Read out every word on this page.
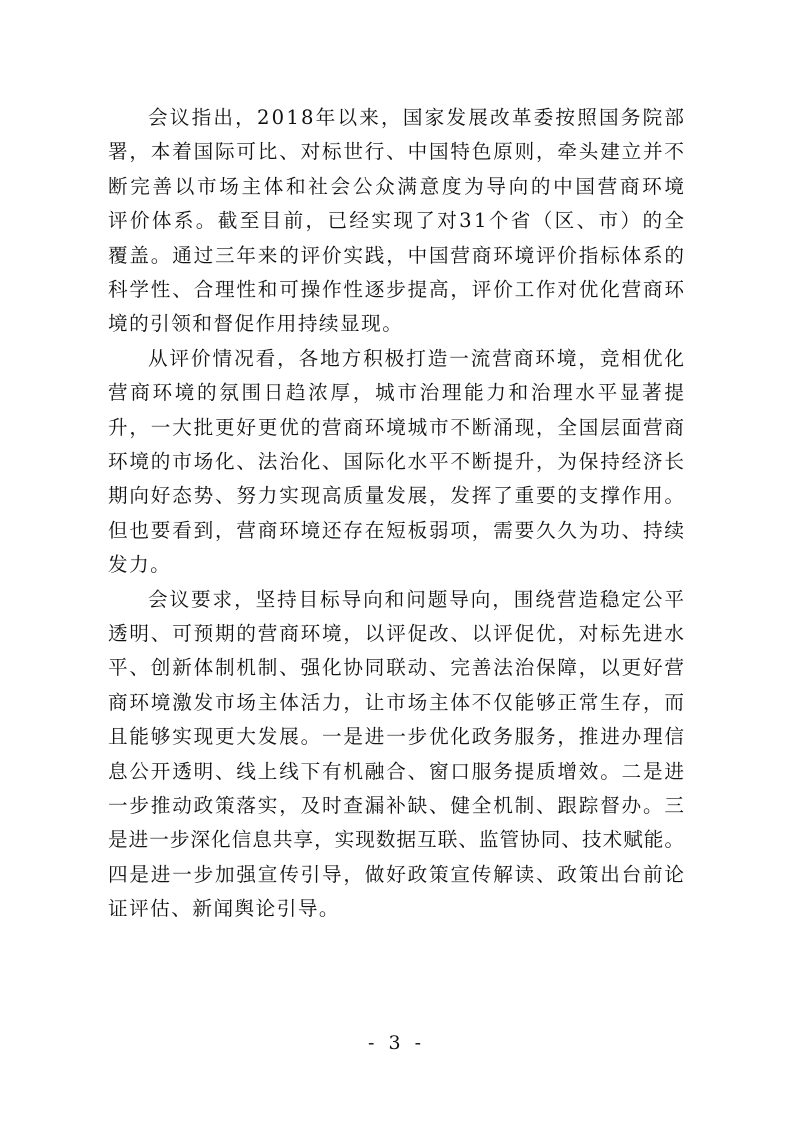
会议指出，2018年以来，国家发展改革委按照国务院部
署，本着国际可比、对标世行、中国特色原则，牵头建立并不
断完善以市场主体和社会公众满意度为导向的中国营商环境
评价体系。截至目前，已经实现了对31个省（区、市）的全
覆盖。通过三年来的评价实践，中国营商环境评价指标体系的
科学性、合理性和可操作性逐步提高，评价工作对优化营商环
境的引领和督促作用持续显现。
从评价情况看，各地方积极打造一流营商环境，竞相优化
营商环境的氛围日趋浓厚，城市治理能力和治理水平显著提
升，一大批更好更优的营商环境城市不断涌现，全国层面营商
环境的市场化、法治化、国际化水平不断提升，为保持经济长
期向好态势、努力实现高质量发展，发挥了重要的支撑作用。
但也要看到，营商环境还存在短板弱项，需要久久为功、持续
发力。
会议要求，坚持目标导向和问题导向，围绕营造稳定公平
透明、可预期的营商环境，以评促改、以评促优，对标先进水
平、创新体制机制、强化协同联动、完善法治保障，以更好营
商环境激发市场主体活力，让市场主体不仅能够正常生存，而
且能够实现更大发展。一是进一步优化政务服务，推进办理信
息公开透明、线上线下有机融合、窗口服务提质增效。二是进
一步推动政策落实，及时查漏补缺、健全机制、跟踪督办。三
是进一步深化信息共享，实现数据互联、监管协同、技术赋能。
四是进一步加强宣传引导，做好政策宣传解读、政策出台前论
证评估、新闻舆论引导。
- 3 -
